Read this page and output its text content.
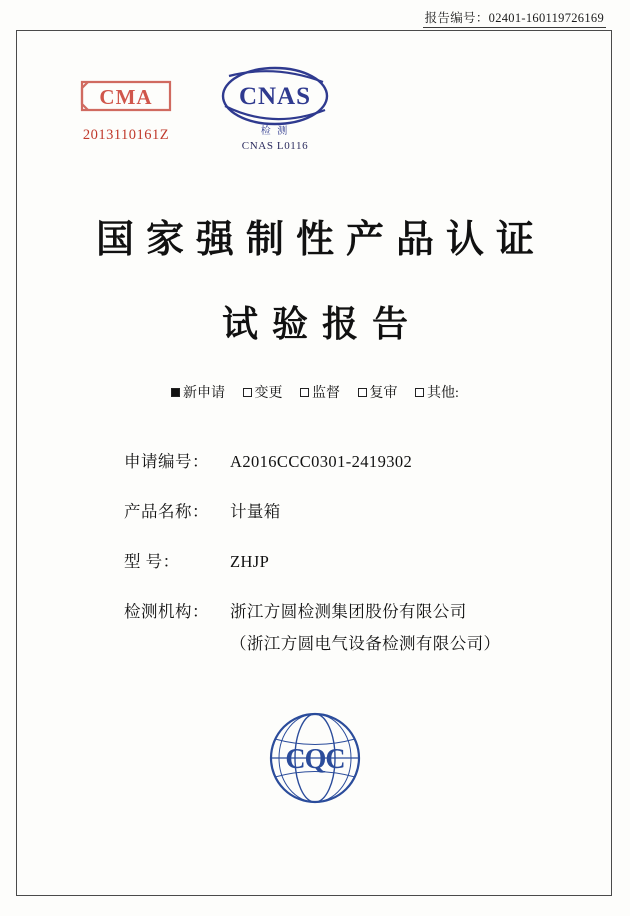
报告编号：02401-160119726169
CMA
2013110161Z
CNAS
检 测
CNAS L0116
国家强制性产品认证
试验报告
新申请 变更 监督 复审 其他:
申请编号：	A2016CCC0301-2419302
产品名称：	计量箱
型 号：	ZHJP
检测机构：	浙江方圆检测集团股份有限公司
（浙江方圆电气设备检测有限公司）
CQC
